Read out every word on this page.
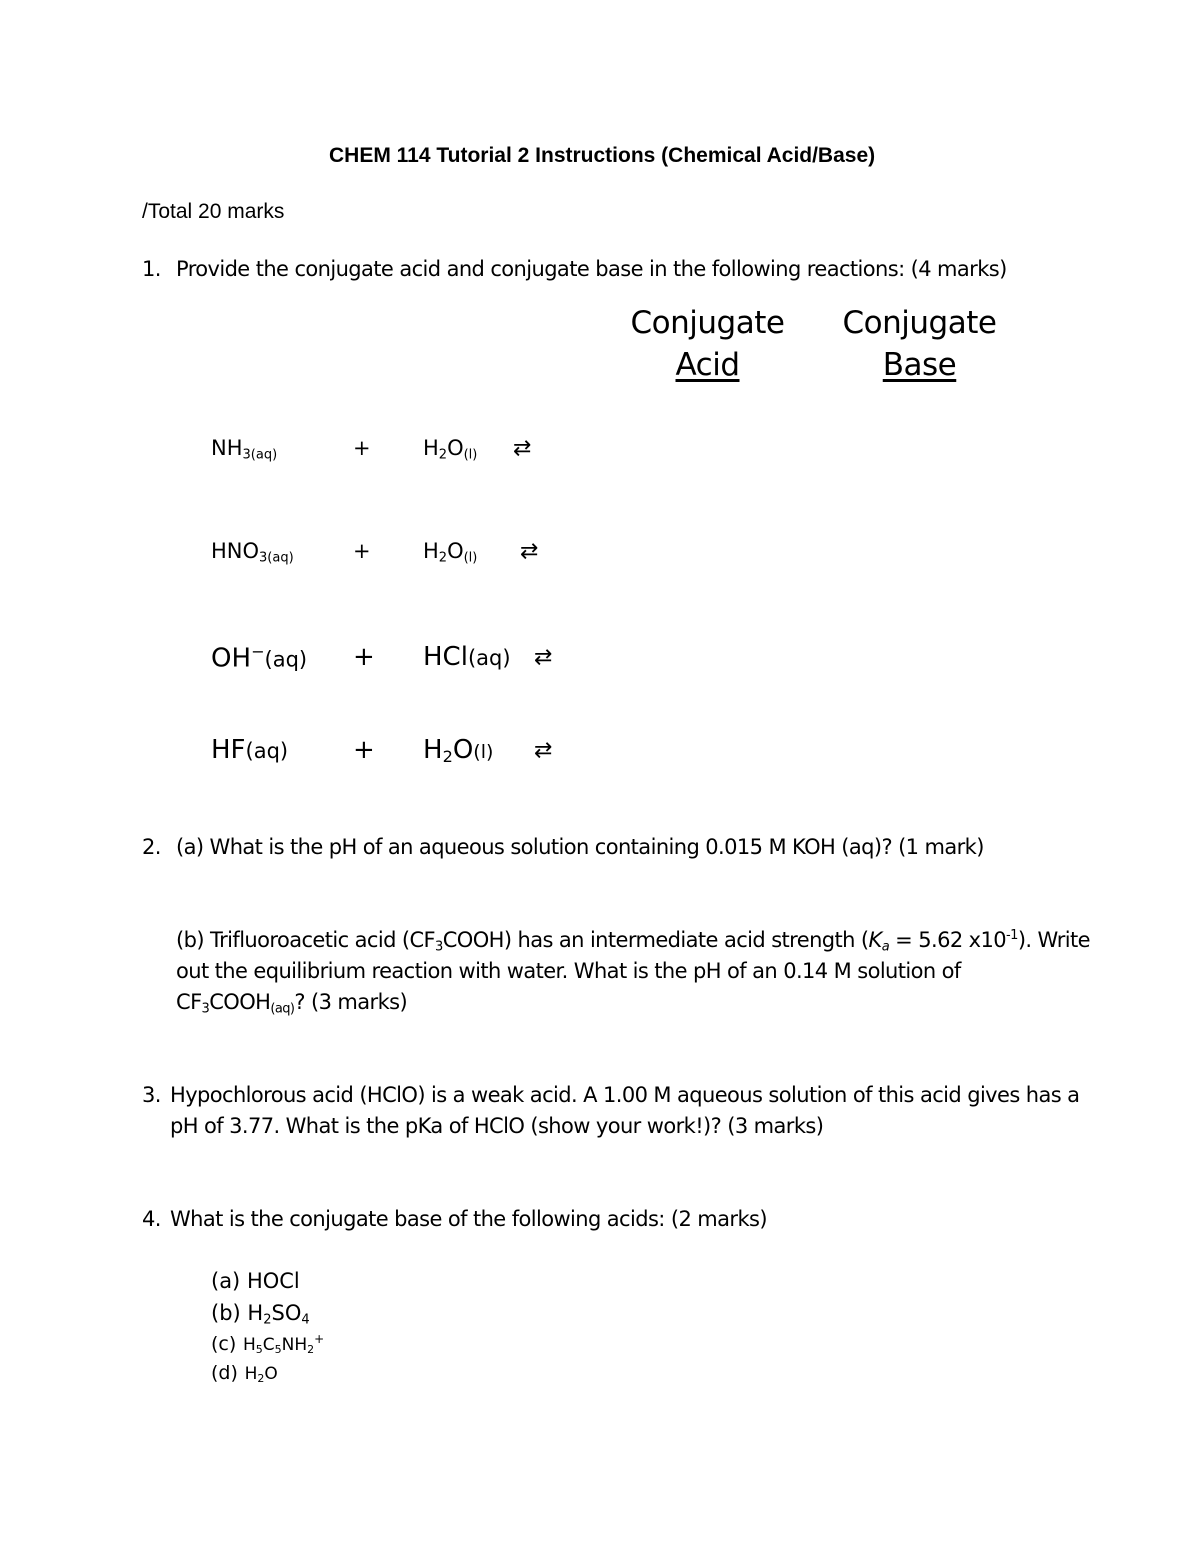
CHEM 114 Tutorial 2 Instructions (Chemical Acid/Base)
/Total 20 marks
1. Provide the conjugate acid and conjugate base in the following reactions: (4 marks)
Conjugate
Acid
Conjugate
Base
$NH_{3(aq)}$	+ $H_2O_{(l)}$ ⇄
$HNO_{3(aq)}$	+ $H_2O_{(l)}$ ⇄
OH−(aq) + HCl(aq) ⇄
$HF(aq) + H_2O(l)$ ⇄
2. (a) What is the pH of an aqueous solution containing 0.015 M KOH (aq)? (1 mark)
(b) Trifluoroacetic acid $(CF_3COOH)$ has an intermediate acid strength ($K_a = 5.62$ $x10^{-1}$). Write
out the equilibrium reaction with water. What is the pH of an 0.14 M solution of
$CF_3COOH_{(aq)}$? (3 marks)
3. Hypochlorous acid (HClO) is a weak acid. A 1.00 M aqueous solution of this acid gives has a
pH of 3.77. What is the pKa of HClO (show your work!)? (3 marks)
4. What is the conjugate base of the following acids: (2 marks)
(a) HOCl
(b) $H_2SO_4$
(c) $H_5C_5NH_2^+$
(d) $H_2O$
